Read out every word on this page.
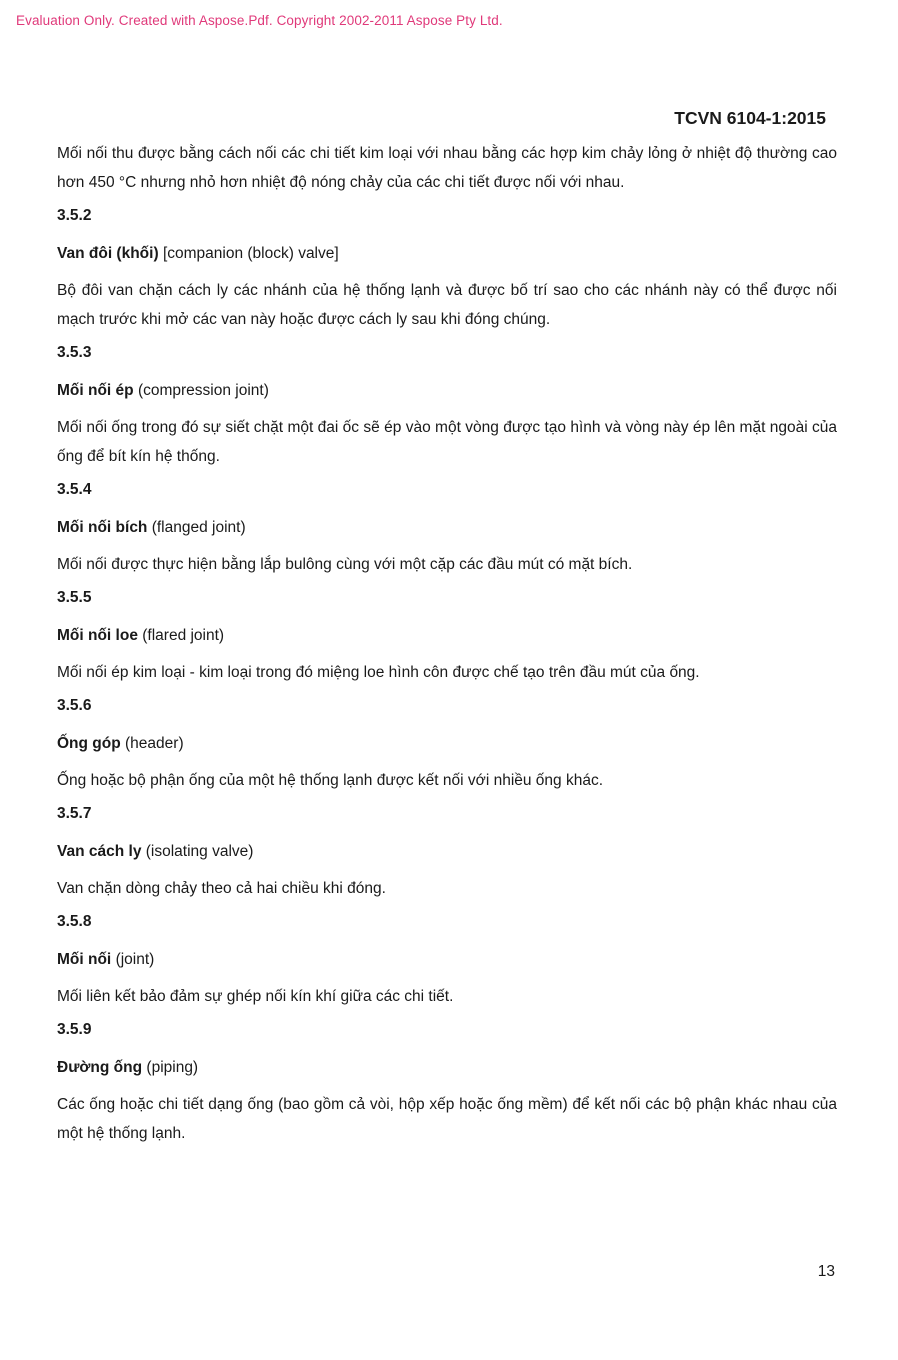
Evaluation Only. Created with Aspose.Pdf. Copyright 2002-2011 Aspose Pty Ltd.
TCVN 6104-1:2015

Mối nối thu được bằng cách nối các chi tiết kim loại với nhau bằng các hợp kim chảy lỏng ở nhiệt độ thường cao hơn 450 °C nhưng nhỏ hơn nhiệt độ nóng chảy của các chi tiết được nối với nhau.

3.5.2
Van đôi (khối) [companion (block) valve]

Bộ đôi van chặn cách ly các nhánh của hệ thống lạnh và được bố trí sao cho các nhánh này có thể được nối mạch trước khi mở các van này hoặc được cách ly sau khi đóng chúng.

3.5.3
Mối nối ép (compression joint)

Mối nối ống trong đó sự siết chặt một đai ốc sẽ ép vào một vòng được tạo hình và vòng này ép lên mặt ngoài của ống để bít kín hệ thống.

3.5.4
Mối nối bích (flanged joint)

Mối nối được thực hiện bằng lắp bulông cùng với một cặp các đầu mút có mặt bích.

3.5.5
Mối nối loe (flared joint)

Mối nối ép kim loại - kim loại trong đó miệng loe hình côn được chế tạo trên đầu mút của ống.

3.5.6
Ống góp (header)

Ống hoặc bộ phận ống của một hệ thống lạnh được kết nối với nhiều ống khác.

3.5.7
Van cách ly (isolating valve)

Van chặn dòng chảy theo cả hai chiều khi đóng.

3.5.8
Mối nối (joint)

Mối liên kết bảo đảm sự ghép nối kín khí giữa các chi tiết.

3.5.9
Đường ống (piping)

Các ống hoặc chi tiết dạng ống (bao gồm cả vòi, hộp xếp hoặc ống mềm) để kết nối các bộ phận khác nhau của một hệ thống lạnh.

13
